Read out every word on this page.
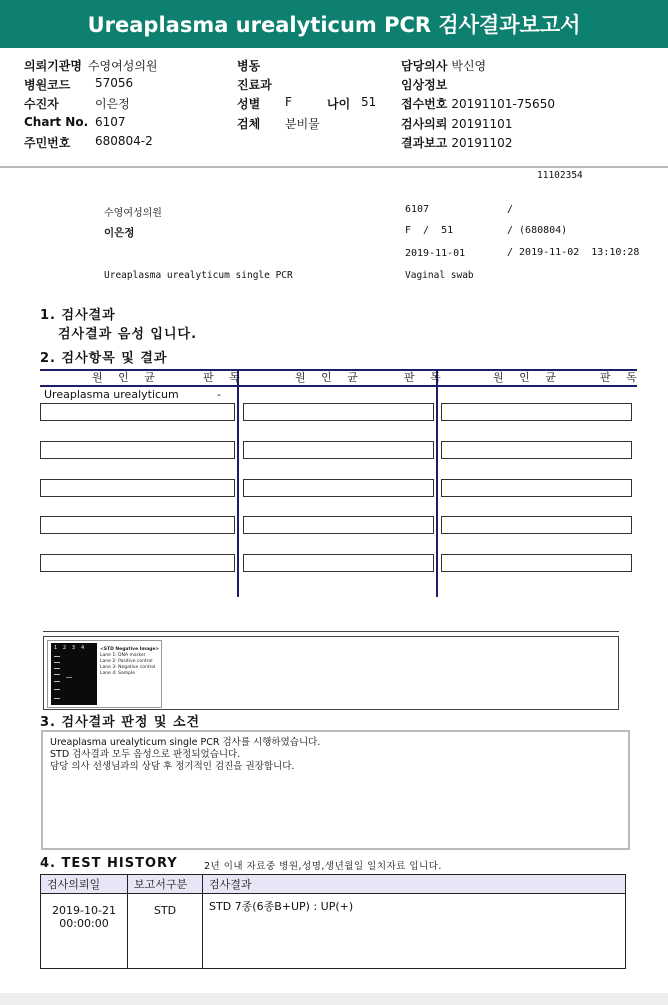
Ureaplasma urealyticum PCR 검사결과보고서
의뢰기관명 수영여성의원
병원코드 57056
수진자	이은정
Chart No. 6107
주민번호 680804-2
병동
진료과
성별 F	나이 51
검체 분비물
담당의사 박신영
임상정보
접수번호 20191101-75650
검사의뢰 20191101
결과보고 20191102
11102354
수영여성의원	6107	/
이은정	F  /  51	/ (680804)
2019-11-01	/ 2019-11-02  13:10:28
Ureaplasma urealyticum single PCR	Vaginal swab
1. 검사결과
검사결과 음성 입니다.
2. 검사항목 및 결과
원 인 균	판 독	원 인 균	판 독	원 인 균	판 독
Ureaplasma urealyticum	-
1  2  3  4	<STD Negative Image>
Lane 1: DNA marker
Lane 2: Positive control
Lane 3: Negative control
Lane 4: Sample
3. 검사결과 판정 및 소견
Ureaplasma urealyticum single PCR 검사를 시행하였습니다.
STD 검사결과 모두 음성으로 판정되었습니다.
담당 의사 선생님과의 상담 후 정기적인 검진을 권장합니다.
4. TEST HISTORY	2년 이내 자료중 병원,성명,생년월일 일치자료 입니다.
검사의뢰일	보고서구분	검사결과

2019-10-21
00:00:00	STD	STD 7종(6종B+UP) : UP(+)
